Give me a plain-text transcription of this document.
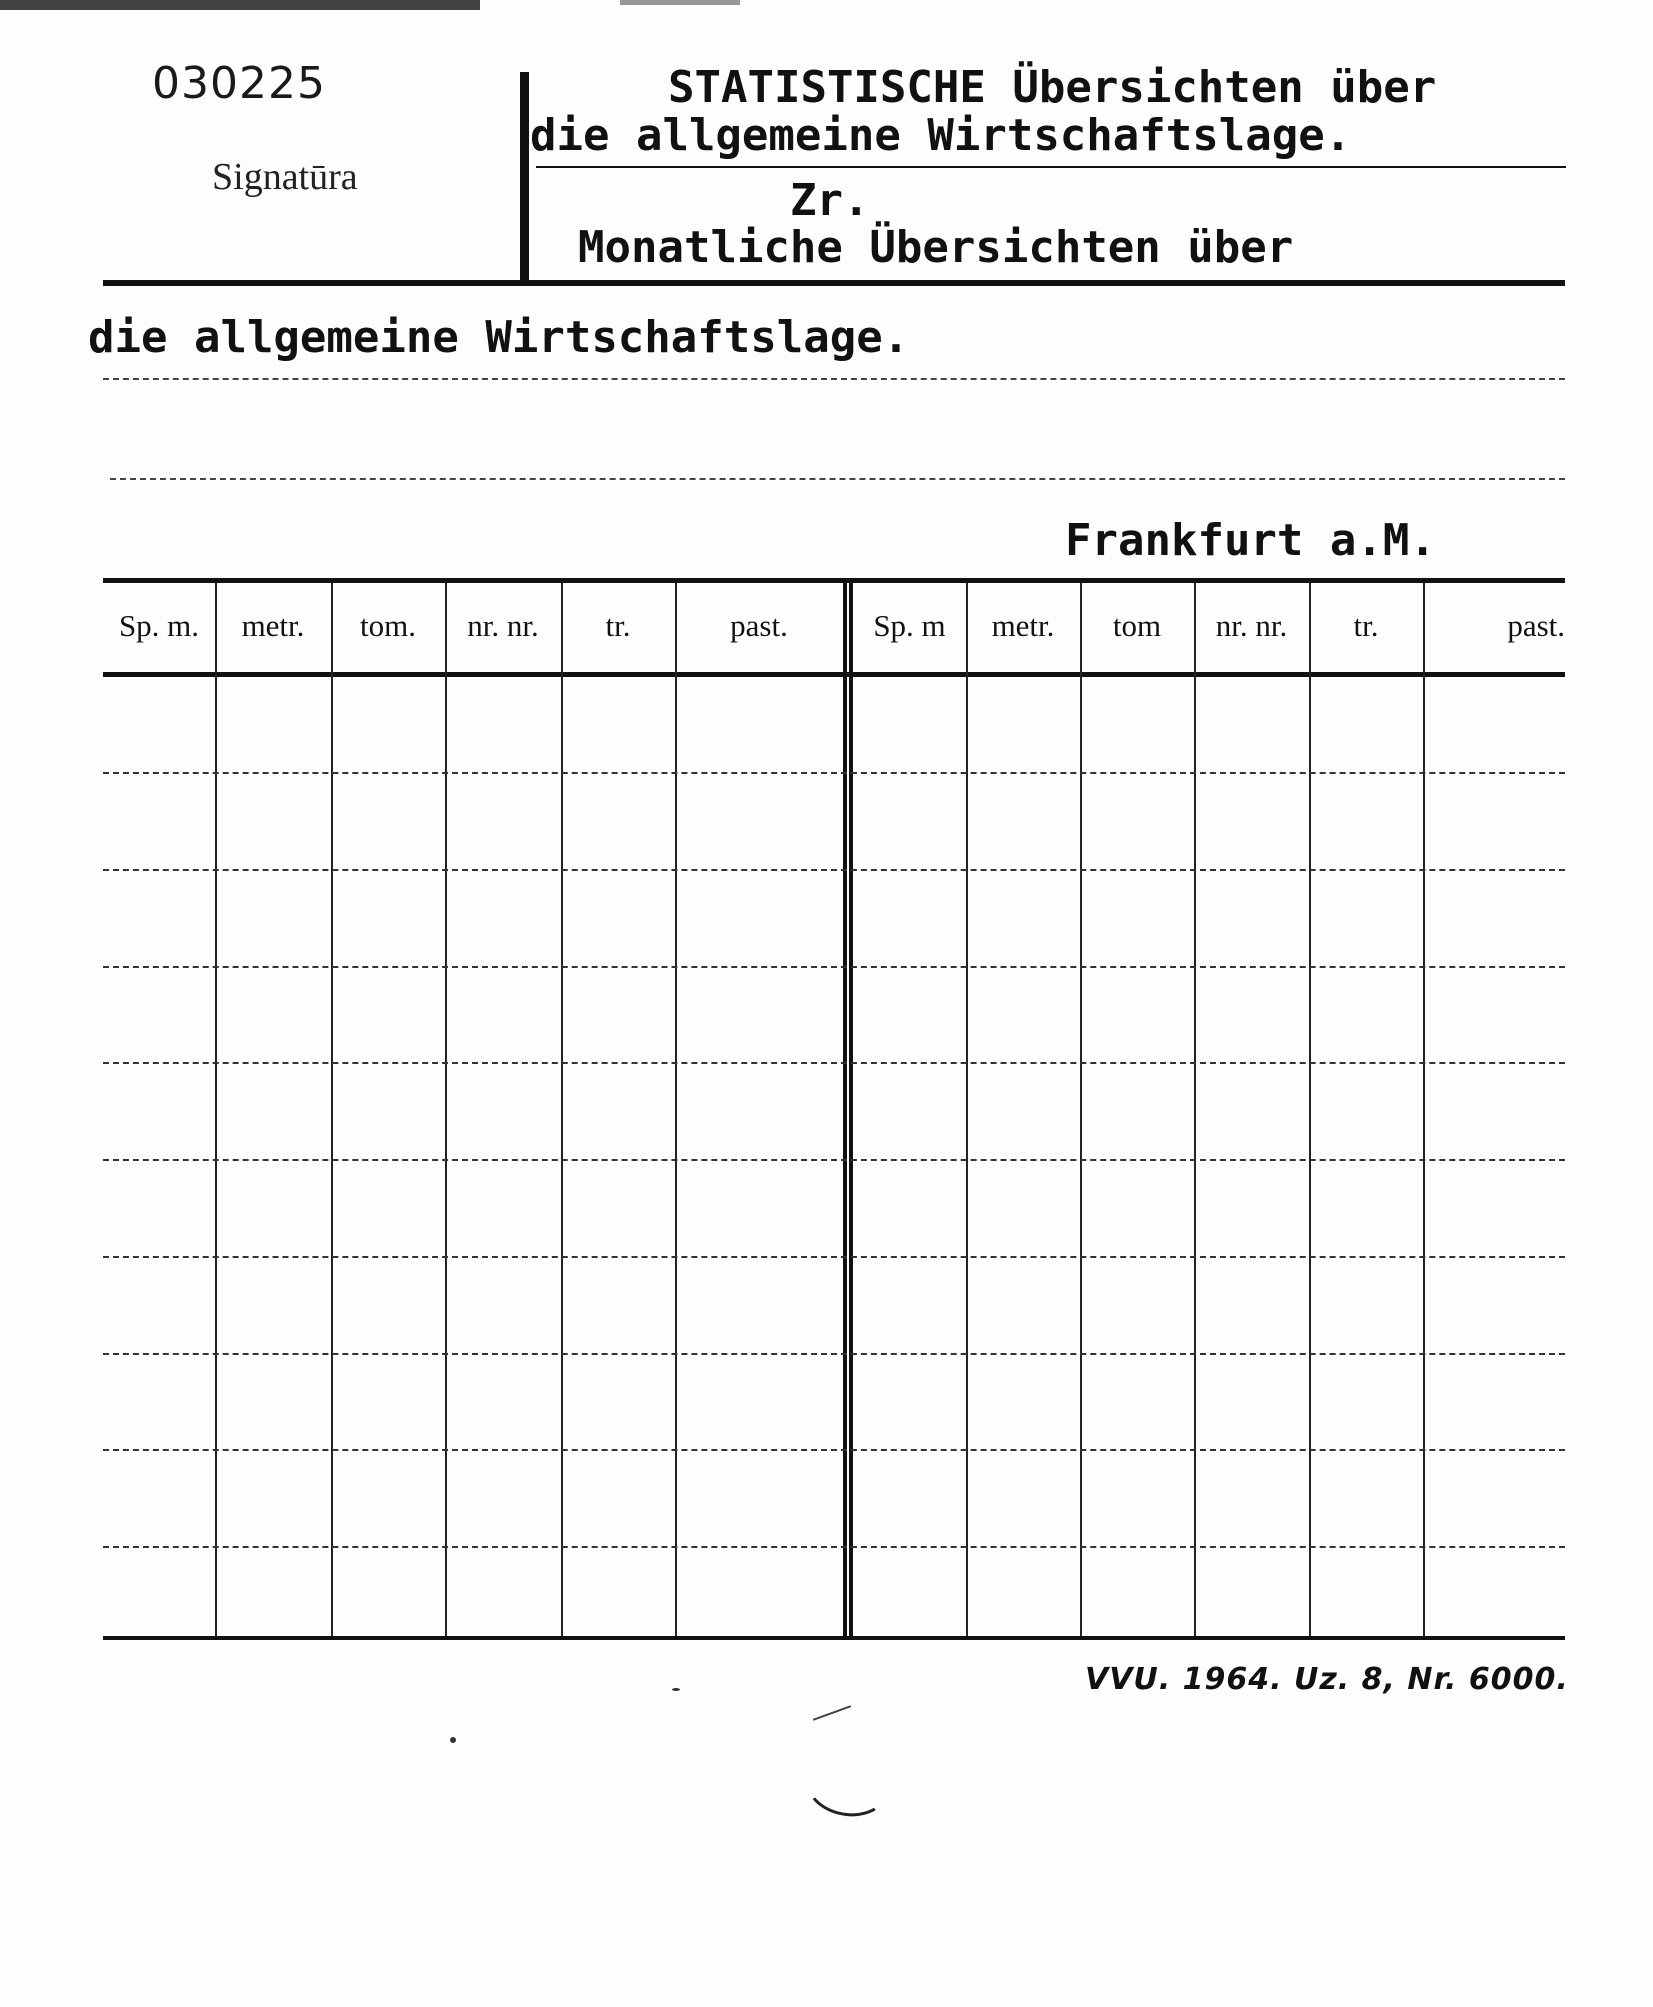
030225
Signatūra
STATISTISCHE Übersichten über
die allgemeine Wirtschaftslage.
Zr.
Monatliche Übersichten über
die allgemeine Wirtschaftslage.
Frankfurt a.M.
Sp. m.	metr.	tom.	nr. nr.	tr.	past.	Sp. m	metr.	tom	nr. nr.	tr.	past.
VVU. 1964. Uz. 8, Nr. 6000.
